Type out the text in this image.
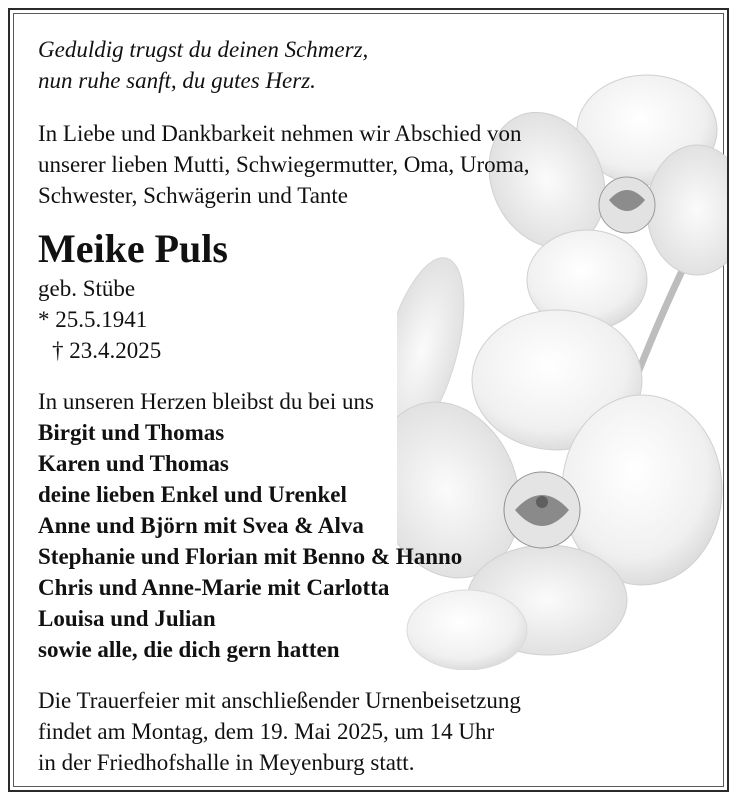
Geduldig trugst du deinen Schmerz,
nun ruhe sanft, du gutes Herz.
In Liebe und Dankbarkeit nehmen wir Abschied von
unserer lieben Mutti, Schwiegermutter, Oma, Uroma,
Schwester, Schwägerin und Tante
Meike Puls
geb. Stübe
* 25.5.1941
† 23.4.2025
In unseren Herzen bleibst du bei uns
Birgit und Thomas
Karen und Thomas
deine lieben Enkel und Urenkel
Anne und Björn mit Svea & Alva
Stephanie und Florian mit Benno & Hanno
Chris und Anne-Marie mit Carlotta
Louisa und Julian
sowie alle, die dich gern hatten
Die Trauerfeier mit anschließender Urnenbeisetzung
findet am Montag, dem 19. Mai 2025, um 14 Uhr
in der Friedhofshalle in Meyenburg statt.
